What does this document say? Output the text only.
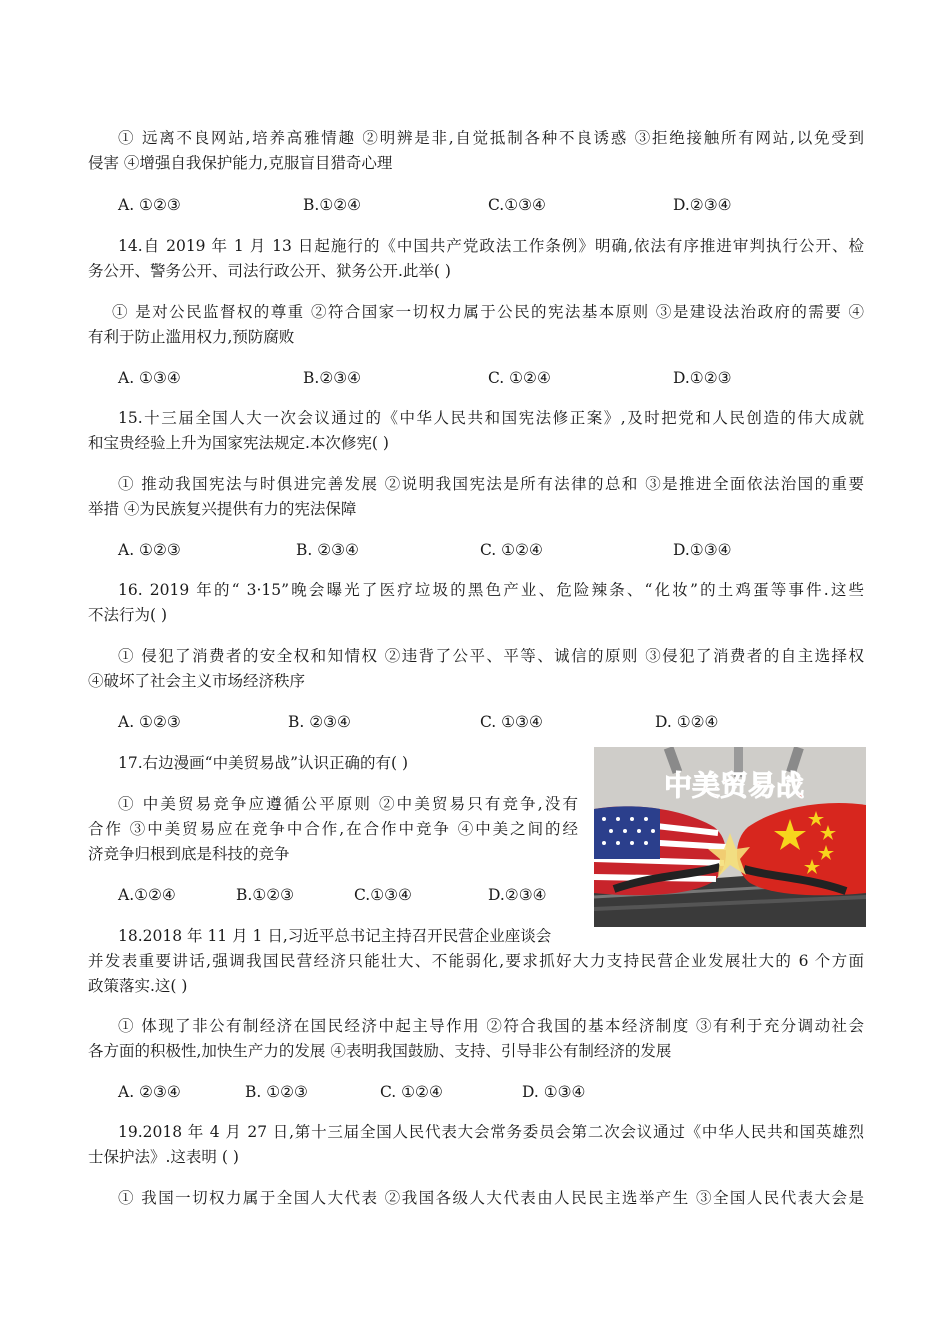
① 远离不良网站,培养高雅情趣 ②明辨是非,自觉抵制各种不良诱惑 ③拒绝接触所有网站,以免受到
侵害 ④增强自我保护能力,克服盲目猎奇心理
A. ①②③	B.①②④	C.①③④	D.②③④
14.自 2019 年 1 月 13 日起施行的《中国共产党政法工作条例》明确,依法有序推进审判执行公开、检
务公开、警务公开、司法行政公开、狱务公开.此举( )
① 是对公民监督权的尊重 ②符合国家一切权力属于公民的宪法基本原则 ③是建设法治政府的需要 ④
有利于防止滥用权力,预防腐败
A. ①③④	B.②③④	C. ①②④	D.①②③
15.十三届全国人大一次会议通过的《中华人民共和国宪法修正案》,及时把党和人民创造的伟大成就
和宝贵经验上升为国家宪法规定.本次修宪( )
① 推动我国宪法与时俱进完善发展 ②说明我国宪法是所有法律的总和 ③是推进全面依法治国的重要
举措 ④为民族复兴提供有力的宪法保障
A. ①②③	B. ②③④	C. ①②④	D.①③④
16. 2019 年的“ 3·15”晚会曝光了医疗垃圾的黑色产业、危险辣条、“化妆”的土鸡蛋等事件.这些
不法行为( )
① 侵犯了消费者的安全权和知情权 ②违背了公平、平等、诚信的原则 ③侵犯了消费者的自主选择权
④破坏了社会主义市场经济秩序
A. ①②③	B. ②③④	C. ①③④	D. ①②④
17.右边漫画“中美贸易战”认识正确的有( )
① 中美贸易竞争应遵循公平原则 ②中美贸易只有竞争,没有
合作 ③中美贸易应在竞争中合作,在合作中竞争 ④中美之间的经
济竞争归根到底是科技的竞争
A.①②④	B.①②③	C.①③④	D.②③④
中美贸易战
18.2018 年 11 月 1 日,习近平总书记主持召开民营企业座谈会
并发表重要讲话,强调我国民营经济只能壮大、不能弱化,要求抓好大力支持民营企业发展壮大的 6 个方面
政策落实.这( )
① 体现了非公有制经济在国民经济中起主导作用 ②符合我国的基本经济制度 ③有利于充分调动社会
各方面的积极性,加快生产力的发展 ④表明我国鼓励、支持、引导非公有制经济的发展
A. ②③④	B. ①②③	C. ①②④	D. ①③④
19.2018 年 4 月 27 日,第十三届全国人民代表大会常务委员会第二次会议通过《中华人民共和国英雄烈
士保护法》.这表明 ( )
① 我国一切权力属于全国人大代表 ②我国各级人大代表由人民民主选举产生 ③全国人民代表大会是
